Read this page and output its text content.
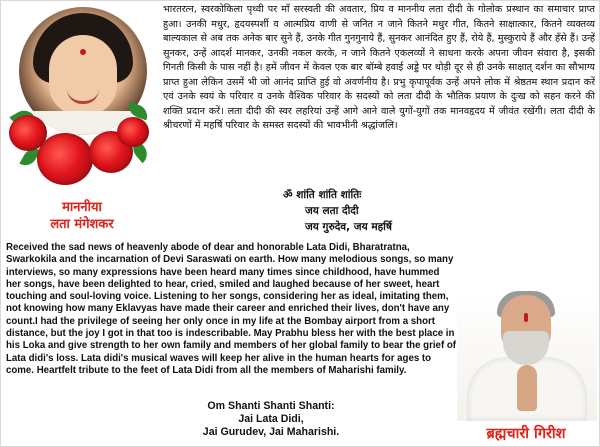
माननीया
लता मंगेशकर
भारतरत्न, स्वरकोकिला पृथ्वी पर माँ सरस्वती की अवतार, प्रिय व माननीय लता दीदी के गोलोक प्रस्थान का समाचार प्राप्त हुआ। उनकी मधुर, हृदयस्पर्शी व आत्मप्रिय वाणी से जनित न जाने कितने मधुर गीत, कितने साक्षात्कार, कितने व्यक्तव्य बाल्यकाल से अब तक अनेक बार सुने हैं, उनके गीत गुनगुनाये हैं, सुनकर आनंदित हुए हैं, रोये हैं, मुस्कुराये हैं और हँसे हैं। उन्हें सुनकर, उन्हें आदर्श मानकर, उनकी नकल करके, न जाने कितने एकलव्यों ने साधना करके अपना जीवन संवारा है, इसकी गिनती किसी के पास नहीं है। हमें जीवन में केवल एक बार बॉम्बे हवाई अड्डे पर थोड़ी दूर से ही उनके साक्षात् दर्शन का सौभाग्य प्राप्त हुआ लेकिन उसमें भी जो आनंद प्राप्ति हुई वो अवर्णनीय है। प्रभु कृपापूर्वक उन्हें अपने लोक में श्रेष्ठतम स्थान प्रदान करें एवं उनके स्वयं के परिवार व उनके वैश्विक परिवार के सदस्यों को लता दीदी के भौतिक प्रयाण के दुःख को सहन करने की शक्ति प्रदान करें। लता दीदी की स्वर लहरियां उन्हें आगे आने वाले युगों-युगों तक मानवहृदय में जीवंत रखेंगी। लता दीदी के श्रीचरणों में महर्षि परिवार के समस्त सदस्यों की भावभीनी श्रद्धांजलि।
ॐ शांति शांति शांतिः
जय लता दीदी
जय गुरुदेव, जय महर्षि
Received the sad news of heavenly abode of dear and honorable Lata Didi, Bharatratna, Swarkokila and the incarnation of Devi Saraswati on earth. How many melodious songs, so many interviews, so many expressions have been heard many times since childhood, have hummed her songs, have been delighted to hear, cried, smiled and laughed because of her sweet, heart touching and soul-loving voice. Listening to her songs, considering her as ideal, imitating them, not knowing how many Eklavyas have made their career and enriched their lives, don't have any count.I had the privilege of seeing her only once in my life at the Bombay airport from a short distance, but the joy I got in that too is indescribable. May Prabhu bless her with the best place in his Loka and give strength to her own family and members of her global family to bear the grief of Lata didi's loss. Lata didi's musical waves will keep her alive in the human hearts for ages to come. Heartfelt tribute to the feet of Lata Didi from all the members of Maharishi family.
Om Shanti Shanti Shanti:
Jai Lata Didi,
Jai Gurudev, Jai Maharishi.	ब्रह्मचारी गिरीश
